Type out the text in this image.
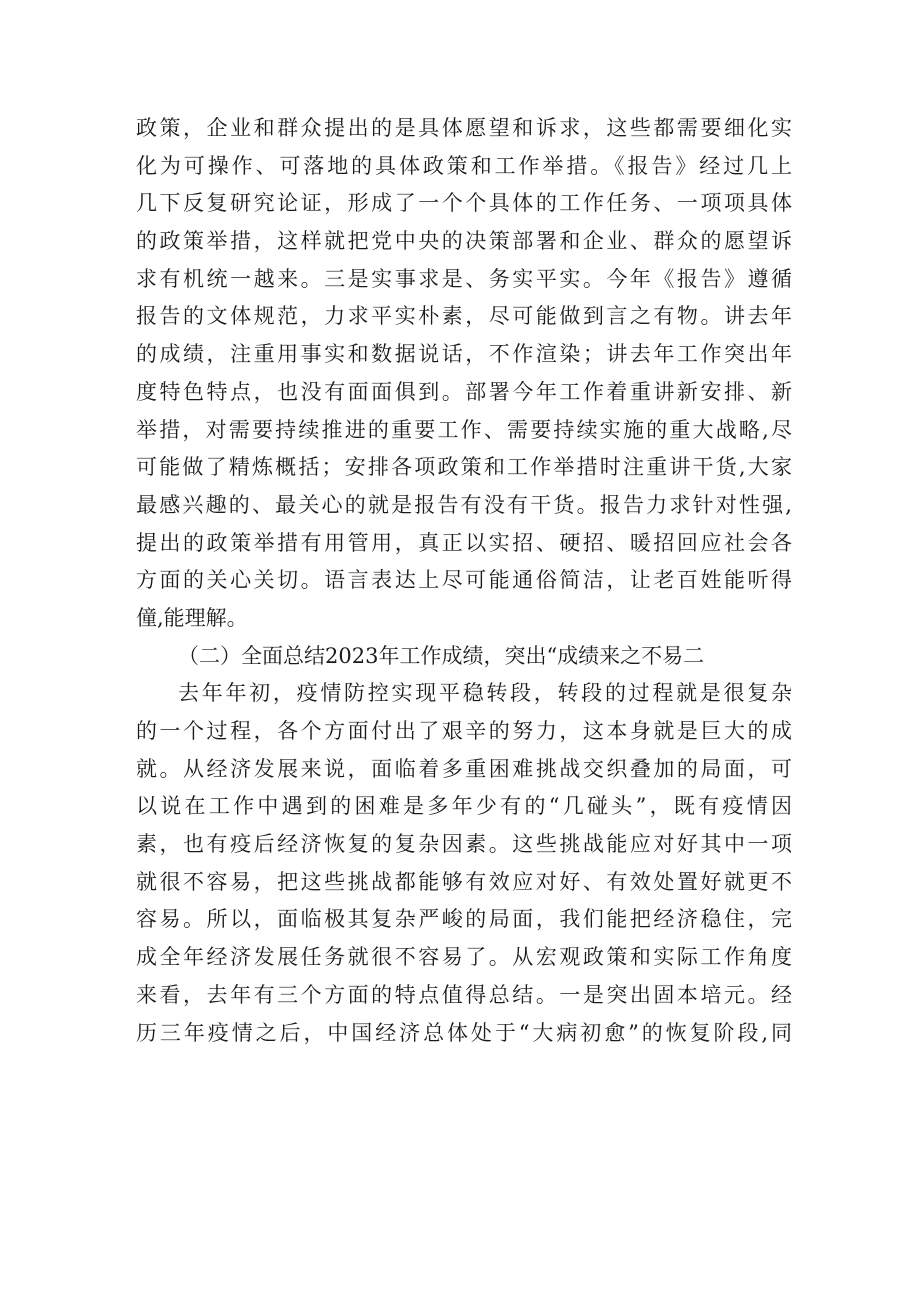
政策，企业和群众提出的是具体愿望和诉求，这些都需要细化实
化为可操作、可落地的具体政策和工作举措。《报告》经过几上
几下反复研究论证，形成了一个个具体的工作任务、一项项具体
的政策举措，这样就把党中央的决策部署和企业、群众的愿望诉
求有机统一越来。三是实事求是、务实平实。今年《报告》遵循
报告的文体规范，力求平实朴素，尽可能做到言之有物。讲去年
的成绩，注重用事实和数据说话，不作渲染；讲去年工作突出年
度特色特点，也没有面面俱到。部署今年工作着重讲新安排、新
举措，对需要持续推进的重要工作、需要持续实施的重大战略,尽
可能做了精炼概括；安排各项政策和工作举措时注重讲干货,大家
最感兴趣的、最关心的就是报告有没有干货。报告力求针对性强,
提出的政策举措有用管用，真正以实招、硬招、暖招回应社会各
方面的关心关切。语言表达上尽可能通俗简洁，让老百姓能听得
僮,能理解。
（二）全面总结2023年工作成绩，突出“成绩来之不易二
去年年初，疫情防控实现平稳转段，转段的过程就是很复杂
的一个过程，各个方面付出了艰辛的努力，这本身就是巨大的成
就。从经济发展来说，面临着多重困难挑战交织叠加的局面，可
以说在工作中遇到的困难是多年少有的“几碰头”，既有疫情因
素，也有疫后经济恢复的复杂因素。这些挑战能应对好其中一项
就很不容易，把这些挑战都能够有效应对好、有效处置好就更不
容易。所以，面临极其复杂严峻的局面，我们能把经济稳住，完
成全年经济发展任务就很不容易了。从宏观政策和实际工作角度
来看，去年有三个方面的特点值得总结。一是突出固本培元。经
历三年疫情之后，中国经济总体处于“大病初愈”的恢复阶段,同
